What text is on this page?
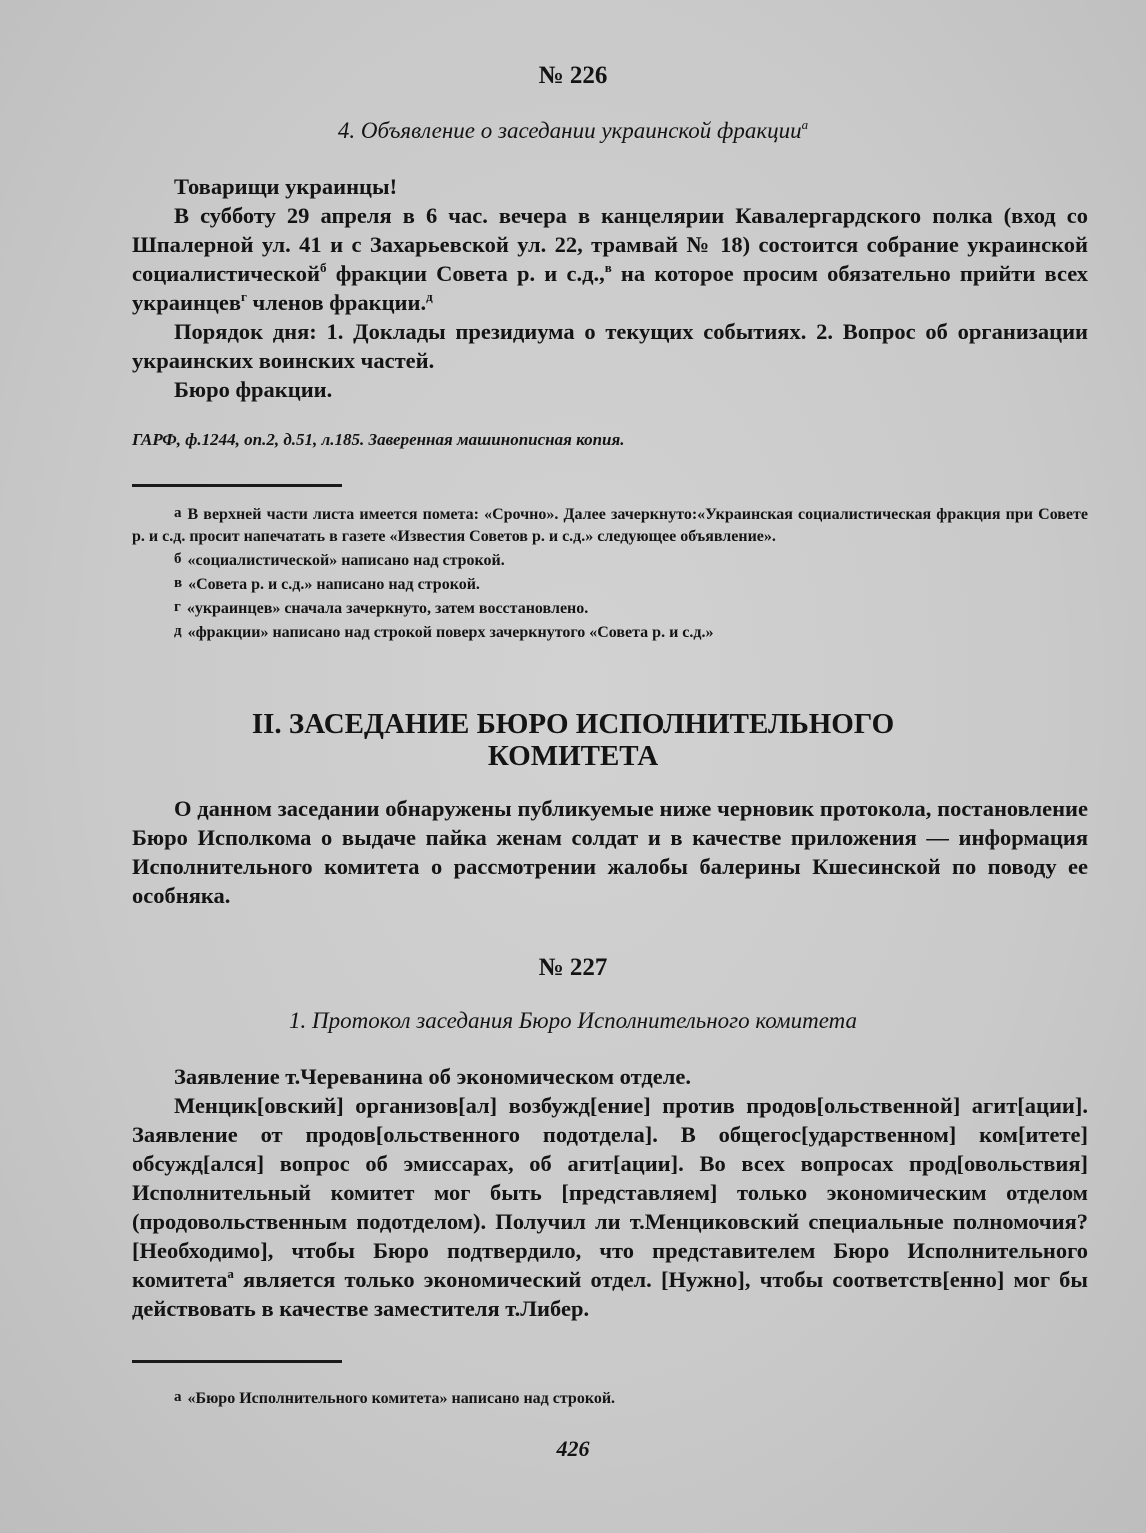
№ 226
4. Объявление о заседании украинской фракции$^а$

Товарищи украинцы!

В субботу 29 апреля в 6 час. вечера в канцелярии Кавалергардского полка (вход со Шпалерной ул. 41 и с Захарьевской ул. 22, трамвай № 18) состоится собрание украинской социалистической$^б$ фракции Совета р. и с.д.,$^в$ на которое просим обязательно прийти всех украинцев$^г$ членов фракции.$^д$

Порядок дня: 1. Доклады президиума о текущих событиях. 2. Вопрос об организации украинских воинских частей.

Бюро фракции.

ГАРФ, ф.1244, оп.2, д.51, л.185. Заверенная машинописная копия.

а В верхней части листа имеется помета: «Срочно». Далее зачеркнуто:«Украинская социалистическая фракция при Совете р. и с.д. просит напечатать в газете «Известия Советов р. и с.д.» следующее объявление».

б «социалистической» написано над строкой.

в «Совета р. и с.д.» написано над строкой.

г «украинцев» сначала зачеркнуто, затем восстановлено.

д «фракции» написано над строкой поверх зачеркнутого «Совета р. и с.д.»

II. ЗАСЕДАНИЕ БЮРО ИСПОЛНИТЕЛЬНОГО
КОМИТЕТА

О данном заседании обнаружены публикуемые ниже черновик протокола, постановление Бюро Исполкома о выдаче пайка женам солдат и в качестве приложения — информация Исполнительного комитета о рассмотрении жалобы балерины Кшесинской по поводу ее особняка.

№ 227
1. Протокол заседания Бюро Исполнительного комитета

Заявление т.Череванина об экономическом отделе.

Менцик[овский] организов[ал] возбужд[ение] против продов[ольственной] агит[ации]. Заявление от продов[ольственного подотдела]. В общегос[ударственном] ком[итете] обсужд[ался] вопрос об эмиссарах, об агит[ации]. Во всех вопросах прод[овольствия] Исполнительный комитет мог быть [представляем] только экономическим отделом (продовольственным подотделом). Получил ли т.Менциковский специальные полномочия? [Необходимо], чтобы Бюро подтвердило, что представителем Бюро Исполнительного комитета$^а$ является только экономический отдел. [Нужно], чтобы соответств[енно] мог бы действовать в качестве заместителя т.Либер.

а «Бюро Исполнительного комитета» написано над строкой.

426
